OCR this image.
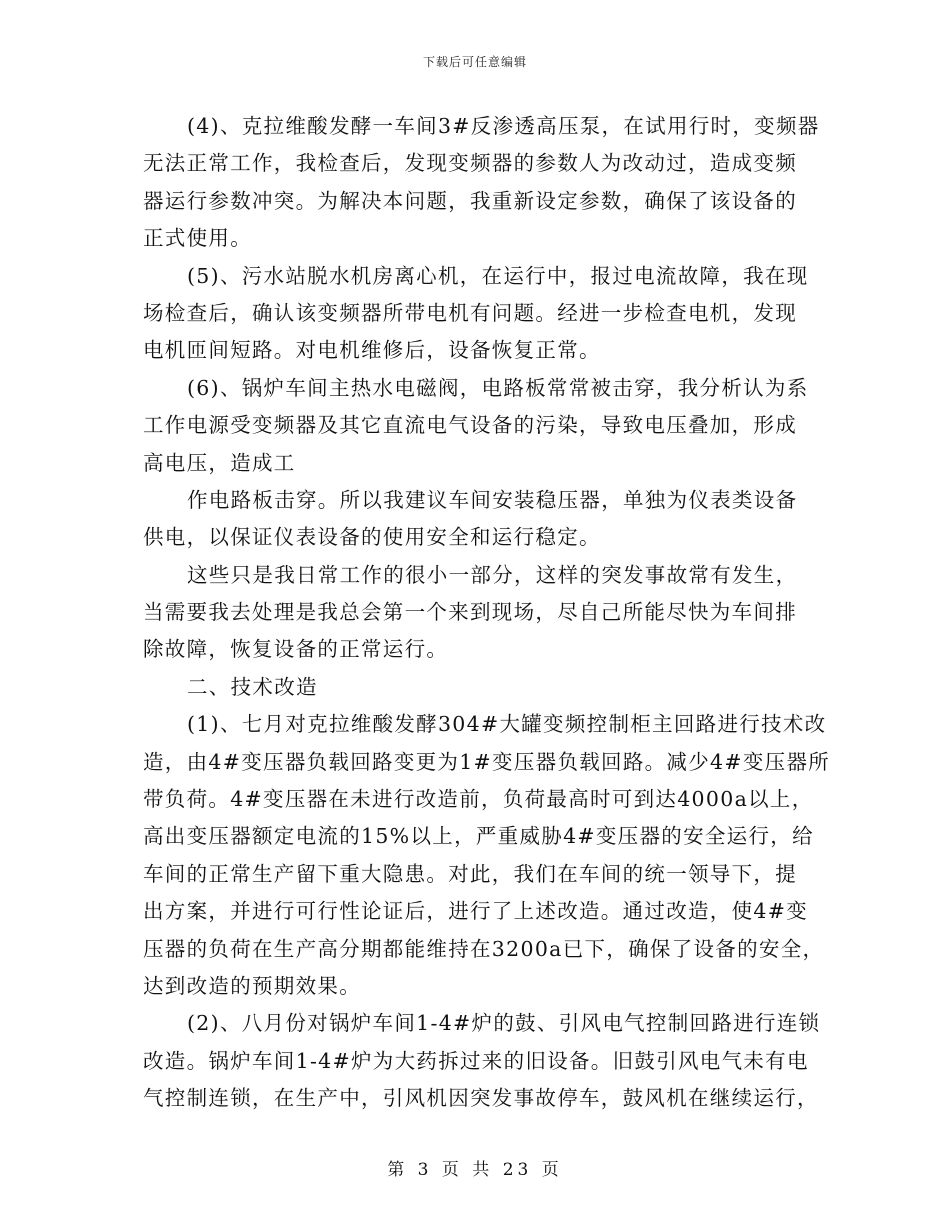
下载后可任意编辑
(4)、克拉维酸发酵一车间3#反渗透高压泵，在试用行时，变频器
无法正常工作，我检查后，发现变频器的参数人为改动过，造成变频
器运行参数冲突。为解决本问题，我重新设定参数，确保了该设备的
正式使用。
(5)、污水站脱水机房离心机，在运行中，报过电流故障，我在现
场检查后，确认该变频器所带电机有问题。经进一步检查电机，发现
电机匝间短路。对电机维修后，设备恢复正常。
(6)、锅炉车间主热水电磁阀，电路板常常被击穿，我分析认为系
工作电源受变频器及其它直流电气设备的污染，导致电压叠加，形成
高电压，造成工
作电路板击穿。所以我建议车间安装稳压器，单独为仪表类设备
供电，以保证仪表设备的使用安全和运行稳定。
这些只是我日常工作的很小一部分，这样的突发事故常有发生，
当需要我去处理是我总会第一个来到现场，尽自己所能尽快为车间排
除故障，恢复设备的正常运行。
二、技术改造
(1)、七月对克拉维酸发酵304#大罐变频控制柜主回路进行技术改
造，由4#变压器负载回路变更为1#变压器负载回路。减少4#变压器所
带负荷。4#变压器在未进行改造前，负荷最高时可到达4000a以上，
高出变压器额定电流的15%以上，严重威胁4#变压器的安全运行，给
车间的正常生产留下重大隐患。对此，我们在车间的统一领导下，提
出方案，并进行可行性论证后，进行了上述改造。通过改造，使4#变
压器的负荷在生产高分期都能维持在3200a已下，确保了设备的安全，
达到改造的预期效果。
(2)、八月份对锅炉车间1-4#炉的鼓、引风电气控制回路进行连锁
改造。锅炉车间1-4#炉为大药拆过来的旧设备。旧鼓引风电气未有电
气控制连锁，在生产中，引风机因突发事故停车，鼓风机在继续运行，
第 3 页 共 23 页
